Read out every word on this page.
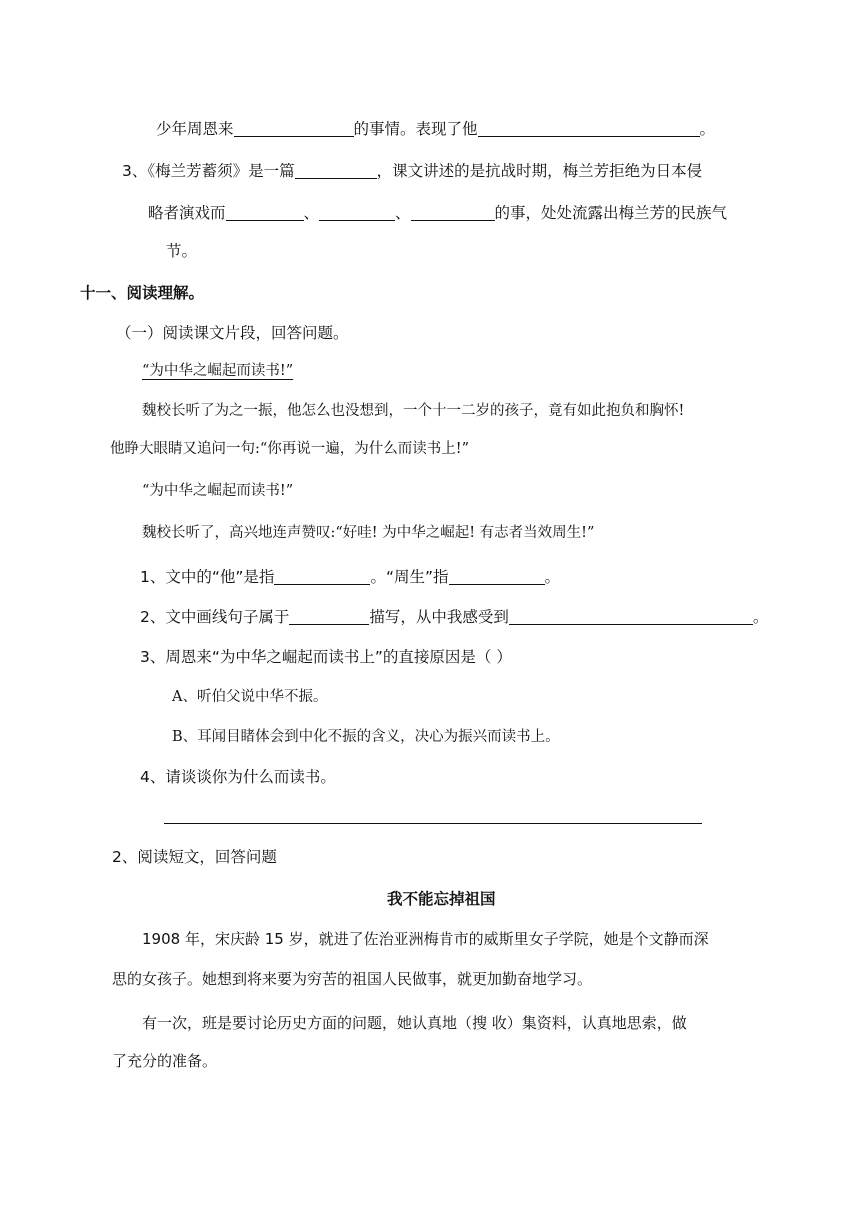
少年周恩来	的事情。表现了他	。
3、《梅兰芳蓄须》是一篇	，课文讲述的是抗战时期，梅兰芳拒绝为日本侵
略者演戏而	、	、	的事，处处流露出梅兰芳的民族气
节。
十一、阅读理解。
（一）阅读课文片段，回答问题。
“为中华之崛起而读书!”
魏校长听了为之一振，他怎么也没想到，一个十一二岁的孩子，竟有如此抱负和胸怀!
他睁大眼睛又追问一句:“你再说一遍，为什么而读书上!”
“为中华之崛起而读书!”
魏校长听了，高兴地连声赞叹:“好哇! 为中华之崛起! 有志者当效周生!”
1、文中的“他”是指	。“周生”指	。
2、文中画线句子属于	描写，从中我感受到	。
3、周恩来“为中华之崛起而读书上”的直接原因是（ ）
A、听伯父说中华不振。
B、耳闻目睹体会到中化不振的含义，决心为振兴而读书上。
4、请谈谈你为什么而读书。
2、阅读短文，回答问题
我不能忘掉祖国
1908 年，宋庆龄 15 岁，就进了佐治亚洲梅肯市的威斯里女子学院，她是个文静而深
思的女孩子。她想到将来要为穷苦的祖国人民做事，就更加勤奋地学习。
有一次，班是要讨论历史方面的问题，她认真地（搜 收）集资料，认真地思索，做
了充分的准备。
